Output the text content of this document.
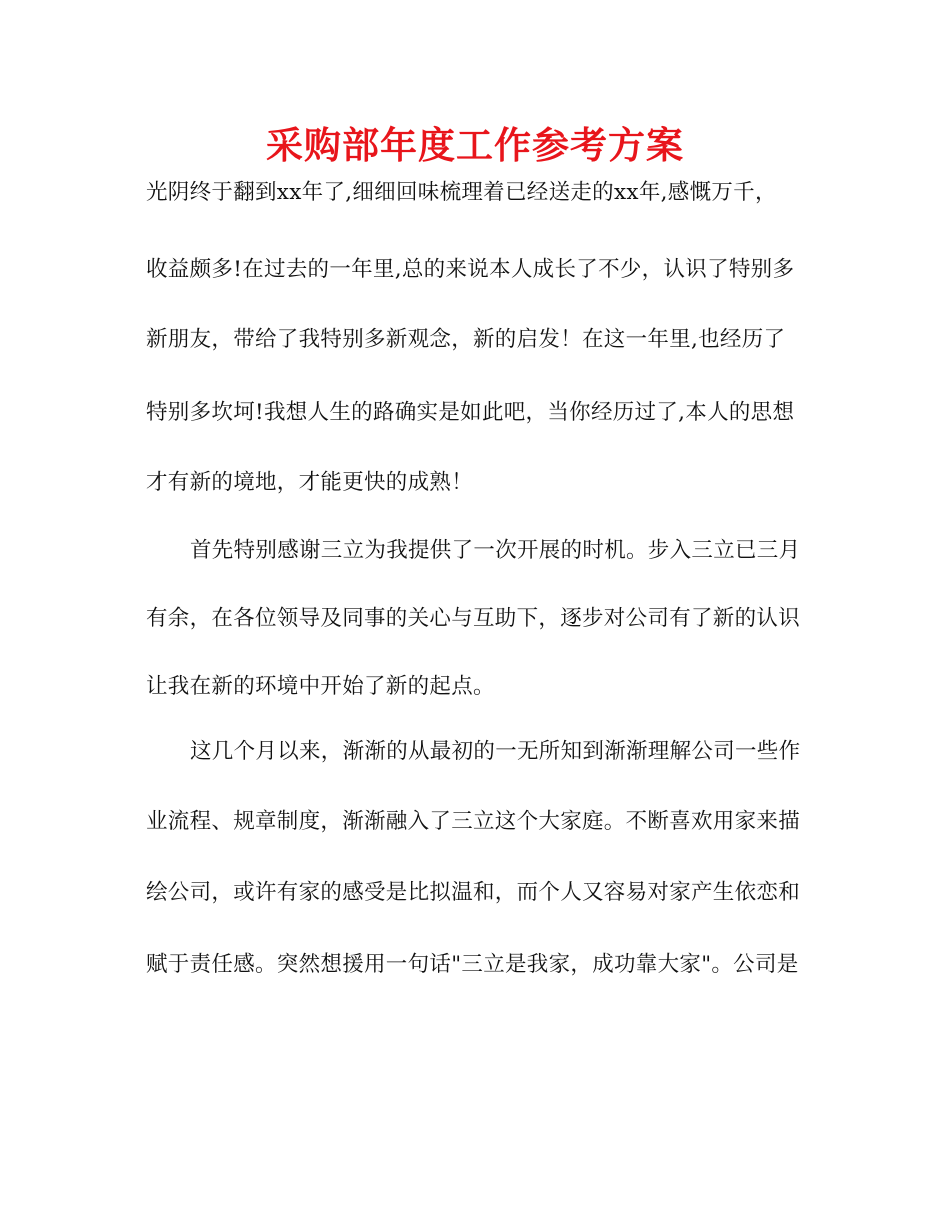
采购部年度工作参考方案
光阴终于翻到xx年了,细细回味梳理着已经送走的xx年,感慨万千，
收益颇多!在过去的一年里,总的来说本人成长了不少，认识了特别多
新朋友，带给了我特别多新观念，新的启发！在这一年里,也经历了
特别多坎坷!我想人生的路确实是如此吧，当你经历过了,本人的思想
才有新的境地，才能更快的成熟！
首先特别感谢三立为我提供了一次开展的时机。步入三立已三月
有余，在各位领导及同事的关心与互助下，逐步对公司有了新的认识
让我在新的环境中开始了新的起点。
这几个月以来，渐渐的从最初的一无所知到渐渐理解公司一些作
业流程、规章制度，渐渐融入了三立这个大家庭。不断喜欢用家来描
绘公司，或许有家的感受是比拟温和，而个人又容易对家产生依恋和
赋于责任感。突然想援用一句话"三立是我家，成功靠大家"。公司是
